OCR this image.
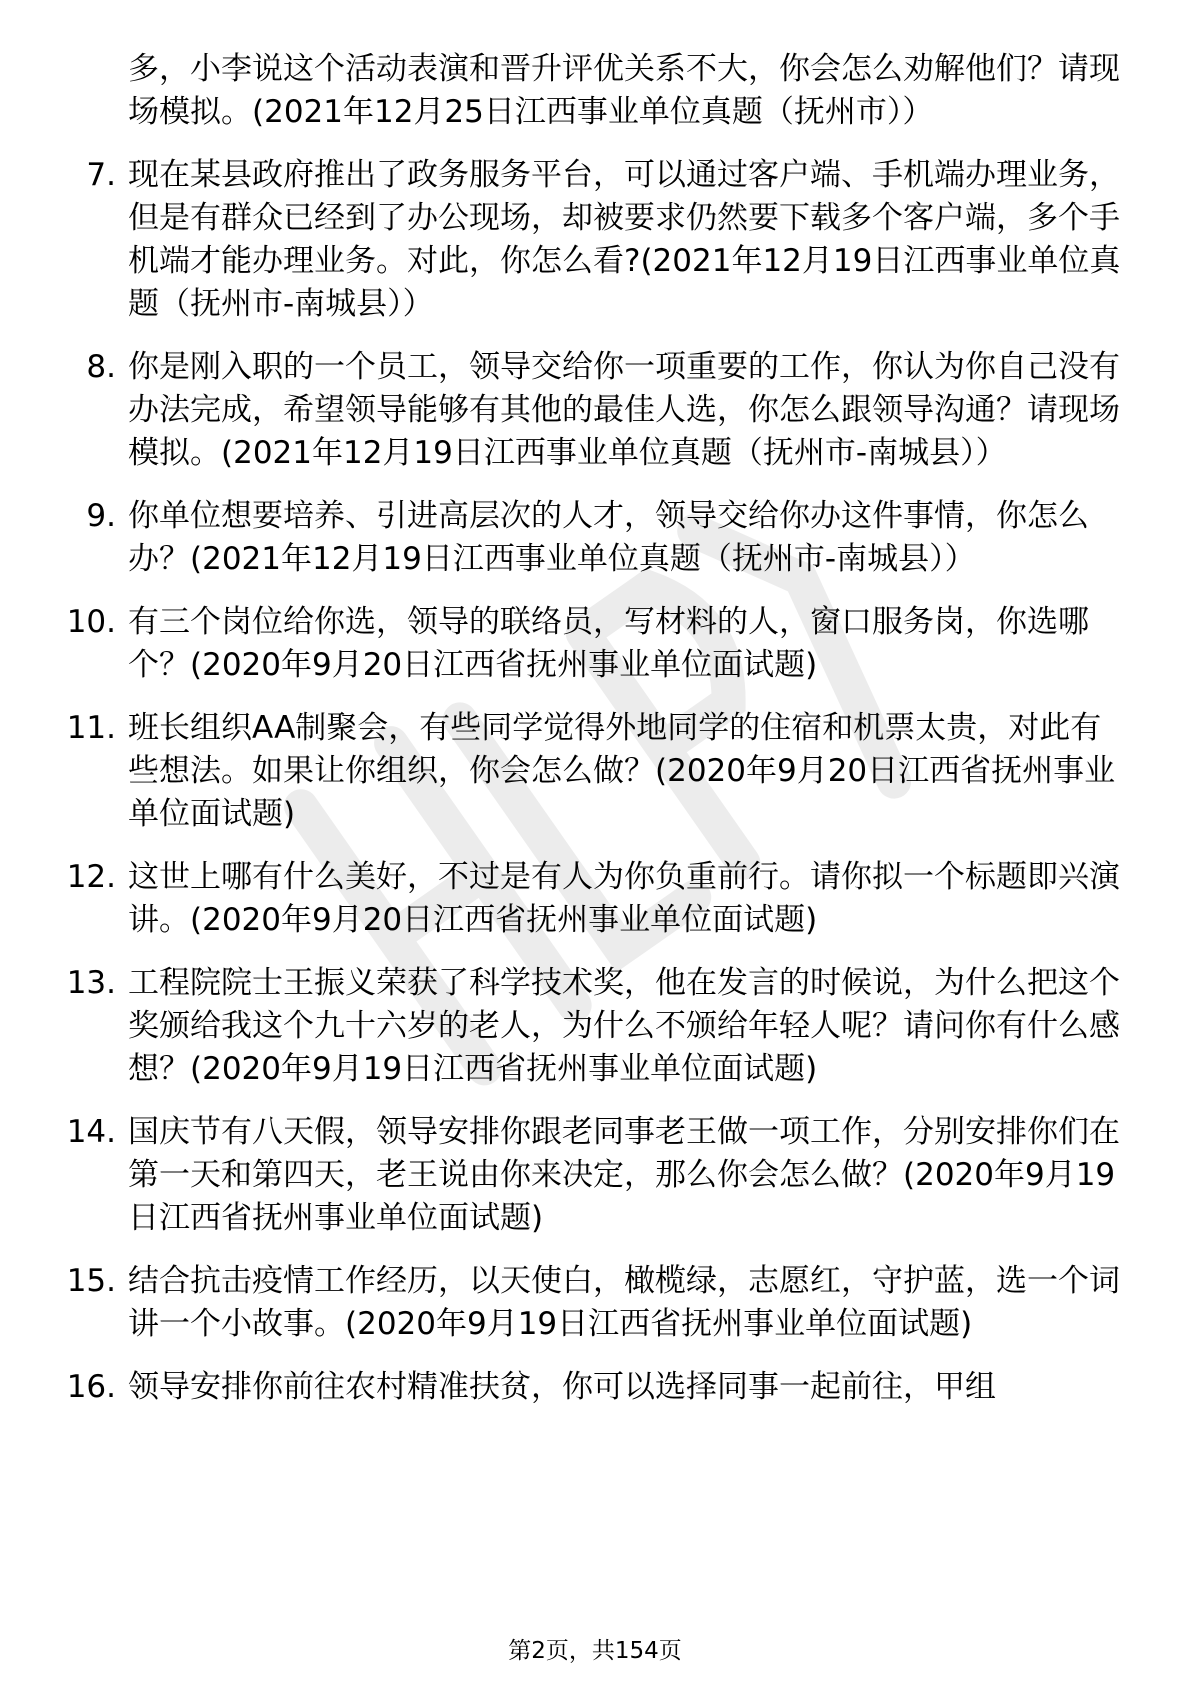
多，小李说这个活动表演和晋升评优关系不大，你会怎么劝解他们？请现场模拟。(2021年12月25日江西事业单位真题（抚州市））
7. 现在某县政府推出了政务服务平台，可以通过客户端、手机端办理业务，但是有群众已经到了办公现场，却被要求仍然要下载多个客户端，多个手机端才能办理业务。对此，你怎么看?(2021年12月19日江西事业单位真题（抚州市-南城县））
8. 你是刚入职的一个员工，领导交给你一项重要的工作，你认为你自己没有办法完成，希望领导能够有其他的最佳人选，你怎么跟领导沟通？请现场模拟。(2021年12月19日江西事业单位真题（抚州市-南城县））
9. 你单位想要培养、引进高层次的人才，领导交给你办这件事情，你怎么办？(2021年12月19日江西事业单位真题（抚州市-南城县））
10. 有三个岗位给你选，领导的联络员，写材料的人，窗口服务岗，你选哪个？(2020年9月20日江西省抚州事业单位面试题)
11. 班长组织AA制聚会，有些同学觉得外地同学的住宿和机票太贵，对此有些想法。如果让你组织，你会怎么做？(2020年9月20日江西省抚州事业单位面试题)
12. 这世上哪有什么美好，不过是有人为你负重前行。请你拟一个标题即兴演讲。(2020年9月20日江西省抚州事业单位面试题)
13. 工程院院士王振义荣获了科学技术奖，他在发言的时候说，为什么把这个奖颁给我这个九十六岁的老人，为什么不颁给年轻人呢？请问你有什么感想？(2020年9月19日江西省抚州事业单位面试题)
14. 国庆节有八天假，领导安排你跟老同事老王做一项工作，分别安排你们在第一天和第四天，老王说由你来决定，那么你会怎么做？(2020年9月19日江西省抚州事业单位面试题)
15. 结合抗击疫情工作经历，以天使白，橄榄绿，志愿红，守护蓝，选一个词讲一个小故事。(2020年9月19日江西省抚州事业单位面试题)
16. 领导安排你前往农村精准扶贫，你可以选择同事一起前往，甲组
第2页，共154页
